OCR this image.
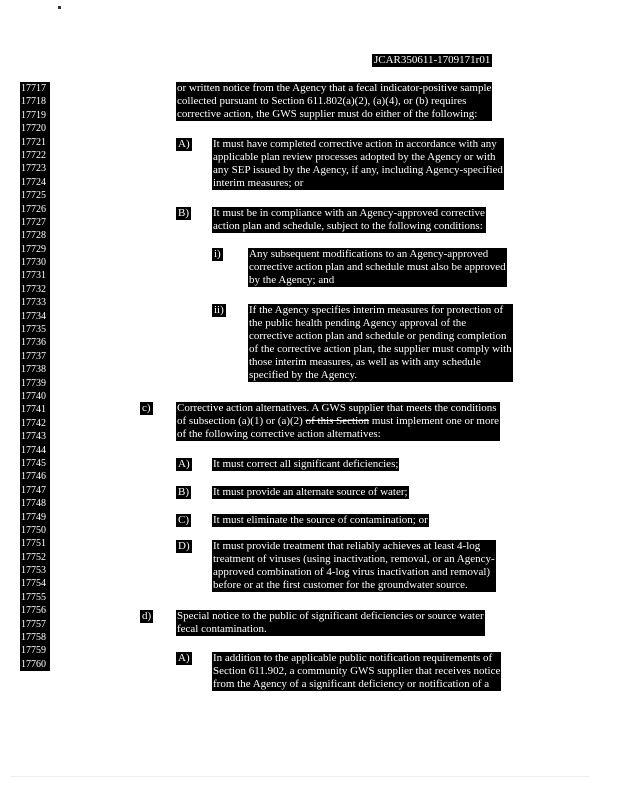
JCAR350611-1709171r01
17717
17718
17719
17720
17721
17722
17723
17724
17725
17726
17727
17728
17729
17730
17731
17732
17733
17734
17735
17736
17737
17738
17739
17740
17741
17742
17743
17744
17745
17746
17747
17748
17749
17750
17751
17752
17753
17754
17755
17756
17757
17758
17759
17760
or written notice from the Agency that a fecal indicator-positive sample
collected pursuant to Section 611.802(a)(2), (a)(4), or (b) requires
corrective action, the GWS supplier must do either of the following:
A) It must have completed corrective action in accordance with any
applicable plan review processes adopted by the Agency or with
any SEP issued by the Agency, if any, including Agency-specified
interim measures; or
B) It must be in compliance with an Agency-approved corrective
action plan and schedule, subject to the following conditions:
i)	Any subsequent modifications to an Agency-approved
corrective action plan and schedule must also be approved
by the Agency; and
ii) If the Agency specifies interim measures for protection of
the public health pending Agency approval of the
corrective action plan and schedule or pending completion
of the corrective action plan, the supplier must comply with
those interim measures, as well as with any schedule
specified by the Agency.
c) Corrective action alternatives. A GWS supplier that meets the conditions
of subsection (a)(1) or (a)(2) of this Section must implement one or more
of the following corrective action alternatives:
A) It must correct all significant deficiencies;
B) It must provide an alternate source of water;
C) It must eliminate the source of contamination; or
D) It must provide treatment that reliably achieves at least 4-log
treatment of viruses (using inactivation, removal, or an Agency-
approved combination of 4-log virus inactivation and removal)
before or at the first customer for the groundwater source.
d) Special notice to the public of significant deficiencies or source water
fecal contamination.
A) In addition to the applicable public notification requirements of
Section 611.902, a community GWS supplier that receives notice
from the Agency of a significant deficiency or notification of a
